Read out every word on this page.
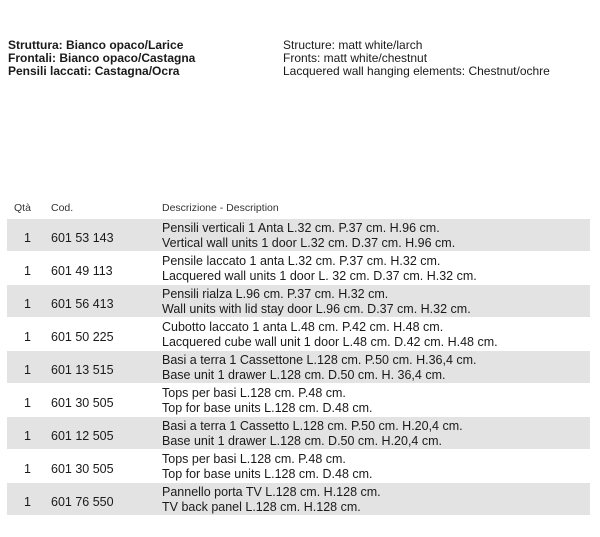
Struttura: Bianco opaco/Larice
Frontali: Bianco opaco/Castagna
Pensili laccati: Castagna/Ocra
Structure: matt white/larch
Fronts: matt white/chestnut
Lacquered wall hanging elements: Chestnut/ochre
Qtà Cod.	Descrizione - Description
1 601 53 143
Pensili verticali 1 Anta L.32 cm. P.37 cm. H.96 cm.
Vertical wall units 1 door L.32 cm. D.37 cm. H.96 cm.
1 601 49 113
Pensile laccato 1 anta L.32 cm. P.37 cm. H.32 cm.
Lacquered wall units 1 door L. 32 cm. D.37 cm. H.32 cm.
1 601 56 413
Pensili rialza L.96 cm. P.37 cm. H.32 cm.
Wall units with lid stay door L.96 cm. D.37 cm. H.32 cm.
1 601 50 225
Cubotto laccato 1 anta L.48 cm. P.42 cm. H.48 cm.
Lacquered cube wall unit 1 door L.48 cm. D.42 cm. H.48 cm.
1 601 13 515
Basi a terra 1 Cassettone L.128 cm. P.50 cm. H.36,4 cm.
Base unit 1 drawer L.128 cm. D.50 cm. H. 36,4 cm.
1 601 30 505
Tops per basi L.128 cm. P.48 cm.
Top for base units L.128 cm. D.48 cm.
1 601 12 505
Basi a terra 1 Cassetto L.128 cm. P.50 cm. H.20,4 cm.
Base unit 1 drawer L.128 cm. D.50 cm. H.20,4 cm.
1 601 30 505
Tops per basi L.128 cm. P.48 cm.
Top for base units L.128 cm. D.48 cm.
1 601 76 550
Pannello porta TV L.128 cm. H.128 cm.
TV back panel L.128 cm. H.128 cm.
